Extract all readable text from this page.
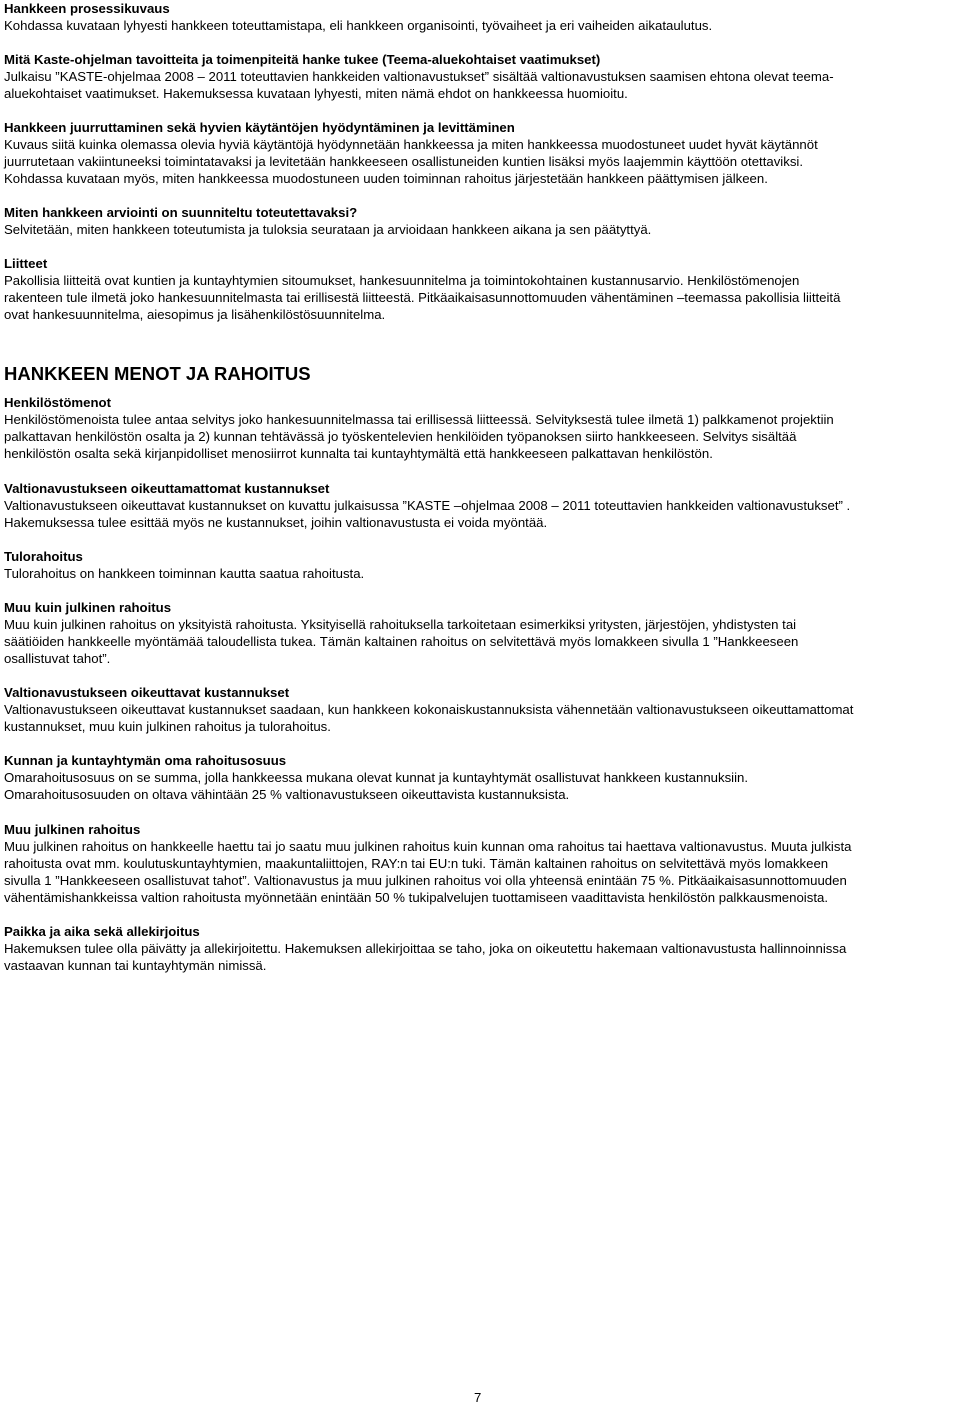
Hankkeen prosessikuvaus
Kohdassa kuvataan lyhyesti hankkeen toteuttamistapa, eli hankkeen organisointi, työvaiheet ja eri vaiheiden aikataulutus.
Mitä Kaste-ohjelman tavoitteita ja toimenpiteitä hanke tukee (Teema-aluekohtaiset vaatimukset)
Julkaisu ”KASTE-ohjelmaa 2008 – 2011 toteuttavien hankkeiden valtionavustukset” sisältää valtionavustuksen saamisen ehtona olevat teema-
aluekohtaiset vaatimukset. Hakemuksessa kuvataan lyhyesti, miten nämä ehdot on hankkeessa huomioitu.
Hankkeen juurruttaminen sekä hyvien käytäntöjen hyödyntäminen ja levittäminen
Kuvaus siitä kuinka olemassa olevia hyviä käytäntöjä hyödynnetään hankkeessa ja miten hankkeessa muodostuneet uudet hyvät käytännöt
juurrutetaan vakiintuneeksi toimintatavaksi ja levitetään hankkeeseen osallistuneiden kuntien lisäksi myös laajemmin käyttöön otettaviksi.
Kohdassa kuvataan myös, miten hankkeessa muodostuneen uuden toiminnan rahoitus järjestetään hankkeen päättymisen jälkeen.
Miten hankkeen arviointi on suunniteltu toteutettavaksi?
Selvitetään, miten hankkeen toteutumista ja tuloksia seurataan ja arvioidaan hankkeen aikana ja sen päätyttyä.
Liitteet
Pakollisia liitteitä ovat kuntien ja kuntayhtymien sitoumukset, hankesuunnitelma ja toimintokohtainen kustannusarvio. Henkilöstömenojen
rakenteen tule ilmetä joko hankesuunnitelmasta tai erillisestä liitteestä. Pitkäaikaisasunnottomuuden vähentäminen –teemassa pakollisia liitteitä
ovat hankesuunnitelma, aiesopimus ja lisähenkilöstösuunnitelma.
HANKKEEN MENOT JA RAHOITUS
Henkilöstömenot
Henkilöstömenoista tulee antaa selvitys joko hankesuunnitelmassa tai erillisessä liitteessä. Selvityksestä tulee ilmetä 1) palkkamenot projektiin
palkattavan henkilöstön osalta ja 2) kunnan tehtävässä jo työskentelevien henkilöiden työpanoksen siirto hankkeeseen. Selvitys sisältää
henkilöstön osalta sekä kirjanpidolliset menosiirrot kunnalta tai kuntayhtymältä että hankkeeseen palkattavan henkilöstön.
Valtionavustukseen oikeuttamattomat kustannukset
Valtionavustukseen oikeuttavat kustannukset on kuvattu julkaisussa ”KASTE –ohjelmaa 2008 – 2011 toteuttavien hankkeiden valtionavustukset” .
Hakemuksessa tulee esittää myös ne kustannukset, joihin valtionavustusta ei voida myöntää.
Tulorahoitus
Tulorahoitus on hankkeen toiminnan kautta saatua rahoitusta.
Muu kuin julkinen rahoitus
Muu kuin julkinen rahoitus on yksityistä rahoitusta. Yksityisellä rahoituksella tarkoitetaan esimerkiksi yritysten, järjestöjen, yhdistysten tai
säätiöiden hankkeelle myöntämää taloudellista tukea. Tämän kaltainen rahoitus on selvitettävä myös lomakkeen sivulla 1 ”Hankkeeseen
osallistuvat tahot”.
Valtionavustukseen oikeuttavat kustannukset
Valtionavustukseen oikeuttavat kustannukset saadaan, kun hankkeen kokonaiskustannuksista vähennetään valtionavustukseen oikeuttamattomat
kustannukset, muu kuin julkinen rahoitus ja tulorahoitus.
Kunnan ja kuntayhtymän oma rahoitusosuus
Omarahoitusosuus on se summa, jolla hankkeessa mukana olevat kunnat ja kuntayhtymät osallistuvat hankkeen kustannuksiin.
Omarahoitusosuuden on oltava vähintään 25 % valtionavustukseen oikeuttavista kustannuksista.
Muu julkinen rahoitus
Muu julkinen rahoitus on hankkeelle haettu tai jo saatu muu julkinen rahoitus kuin kunnan oma rahoitus tai haettava valtionavustus. Muuta julkista
rahoitusta ovat mm. koulutuskuntayhtymien, maakuntaliittojen, RAY:n tai EU:n tuki. Tämän kaltainen rahoitus on selvitettävä myös lomakkeen
sivulla 1 ”Hankkeeseen osallistuvat tahot”. Valtionavustus ja muu julkinen rahoitus voi olla yhteensä enintään 75 %. Pitkäaikaisasunnottomuuden
vähentämishankkeissa valtion rahoitusta myönnetään enintään 50 % tukipalvelujen tuottamiseen vaadittavista henkilöstön palkkausmenoista.
Paikka ja aika sekä allekirjoitus
Hakemuksen tulee olla päivätty ja allekirjoitettu. Hakemuksen allekirjoittaa se taho, joka on oikeutettu hakemaan valtionavustusta hallinnoinnissa
vastaavan kunnan tai kuntayhtymän nimissä.
7
